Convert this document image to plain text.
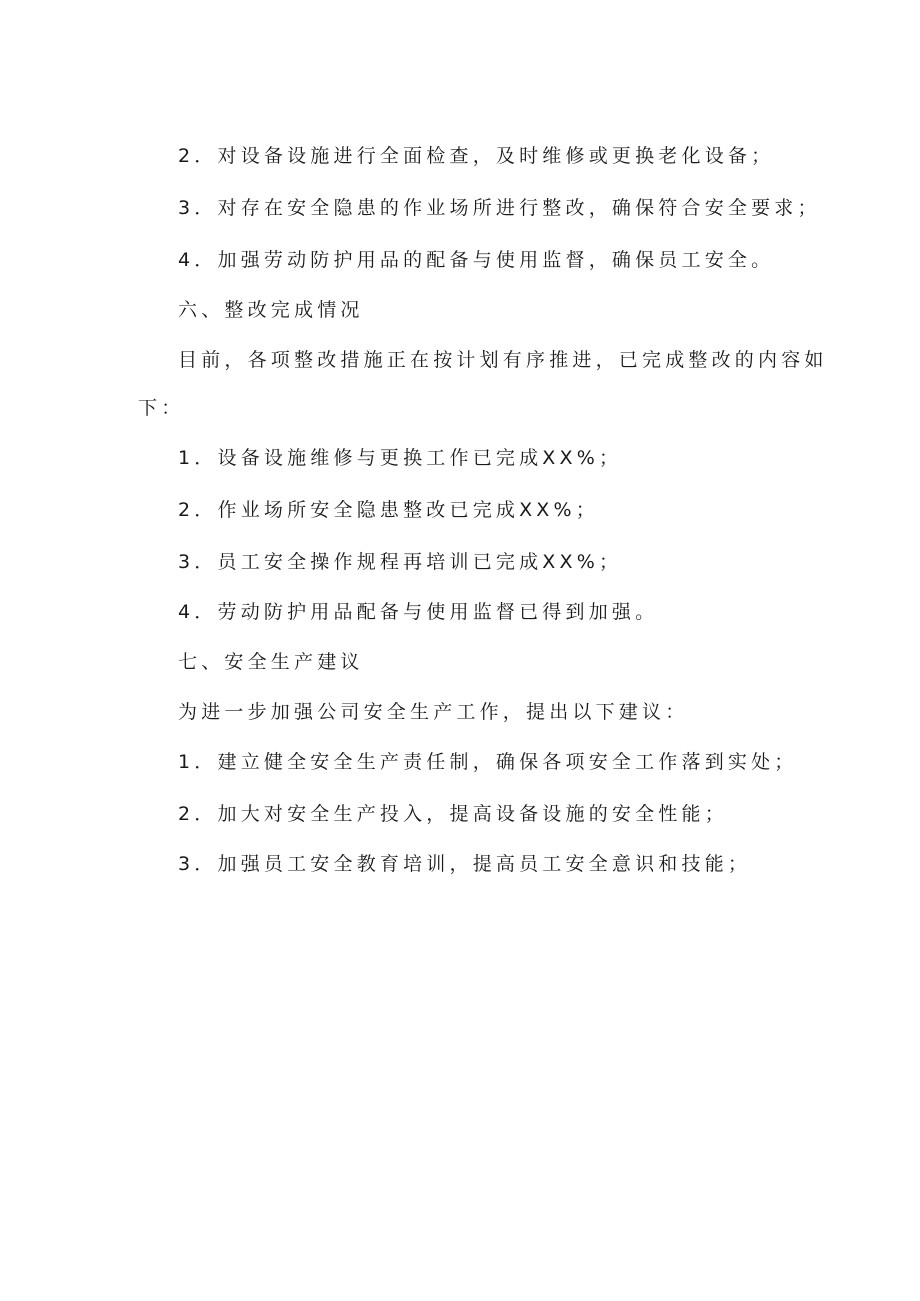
2．对设备设施进行全面检查，及时维修或更换老化设备；

3．对存在安全隐患的作业场所进行整改，确保符合安全要求；

4．加强劳动防护用品的配备与使用监督，确保员工安全。

六、整改完成情况

目前，各项整改措施正在按计划有序推进，已完成整改的内容如

下：

1．设备设施维修与更换工作已完成XX%；

2．作业场所安全隐患整改已完成XX%；

3．员工安全操作规程再培训已完成XX%；

4．劳动防护用品配备与使用监督已得到加强。

七、安全生产建议

为进一步加强公司安全生产工作，提出以下建议：

1．建立健全安全生产责任制，确保各项安全工作落到实处；

2．加大对安全生产投入，提高设备设施的安全性能；

3．加强员工安全教育培训，提高员工安全意识和技能；
